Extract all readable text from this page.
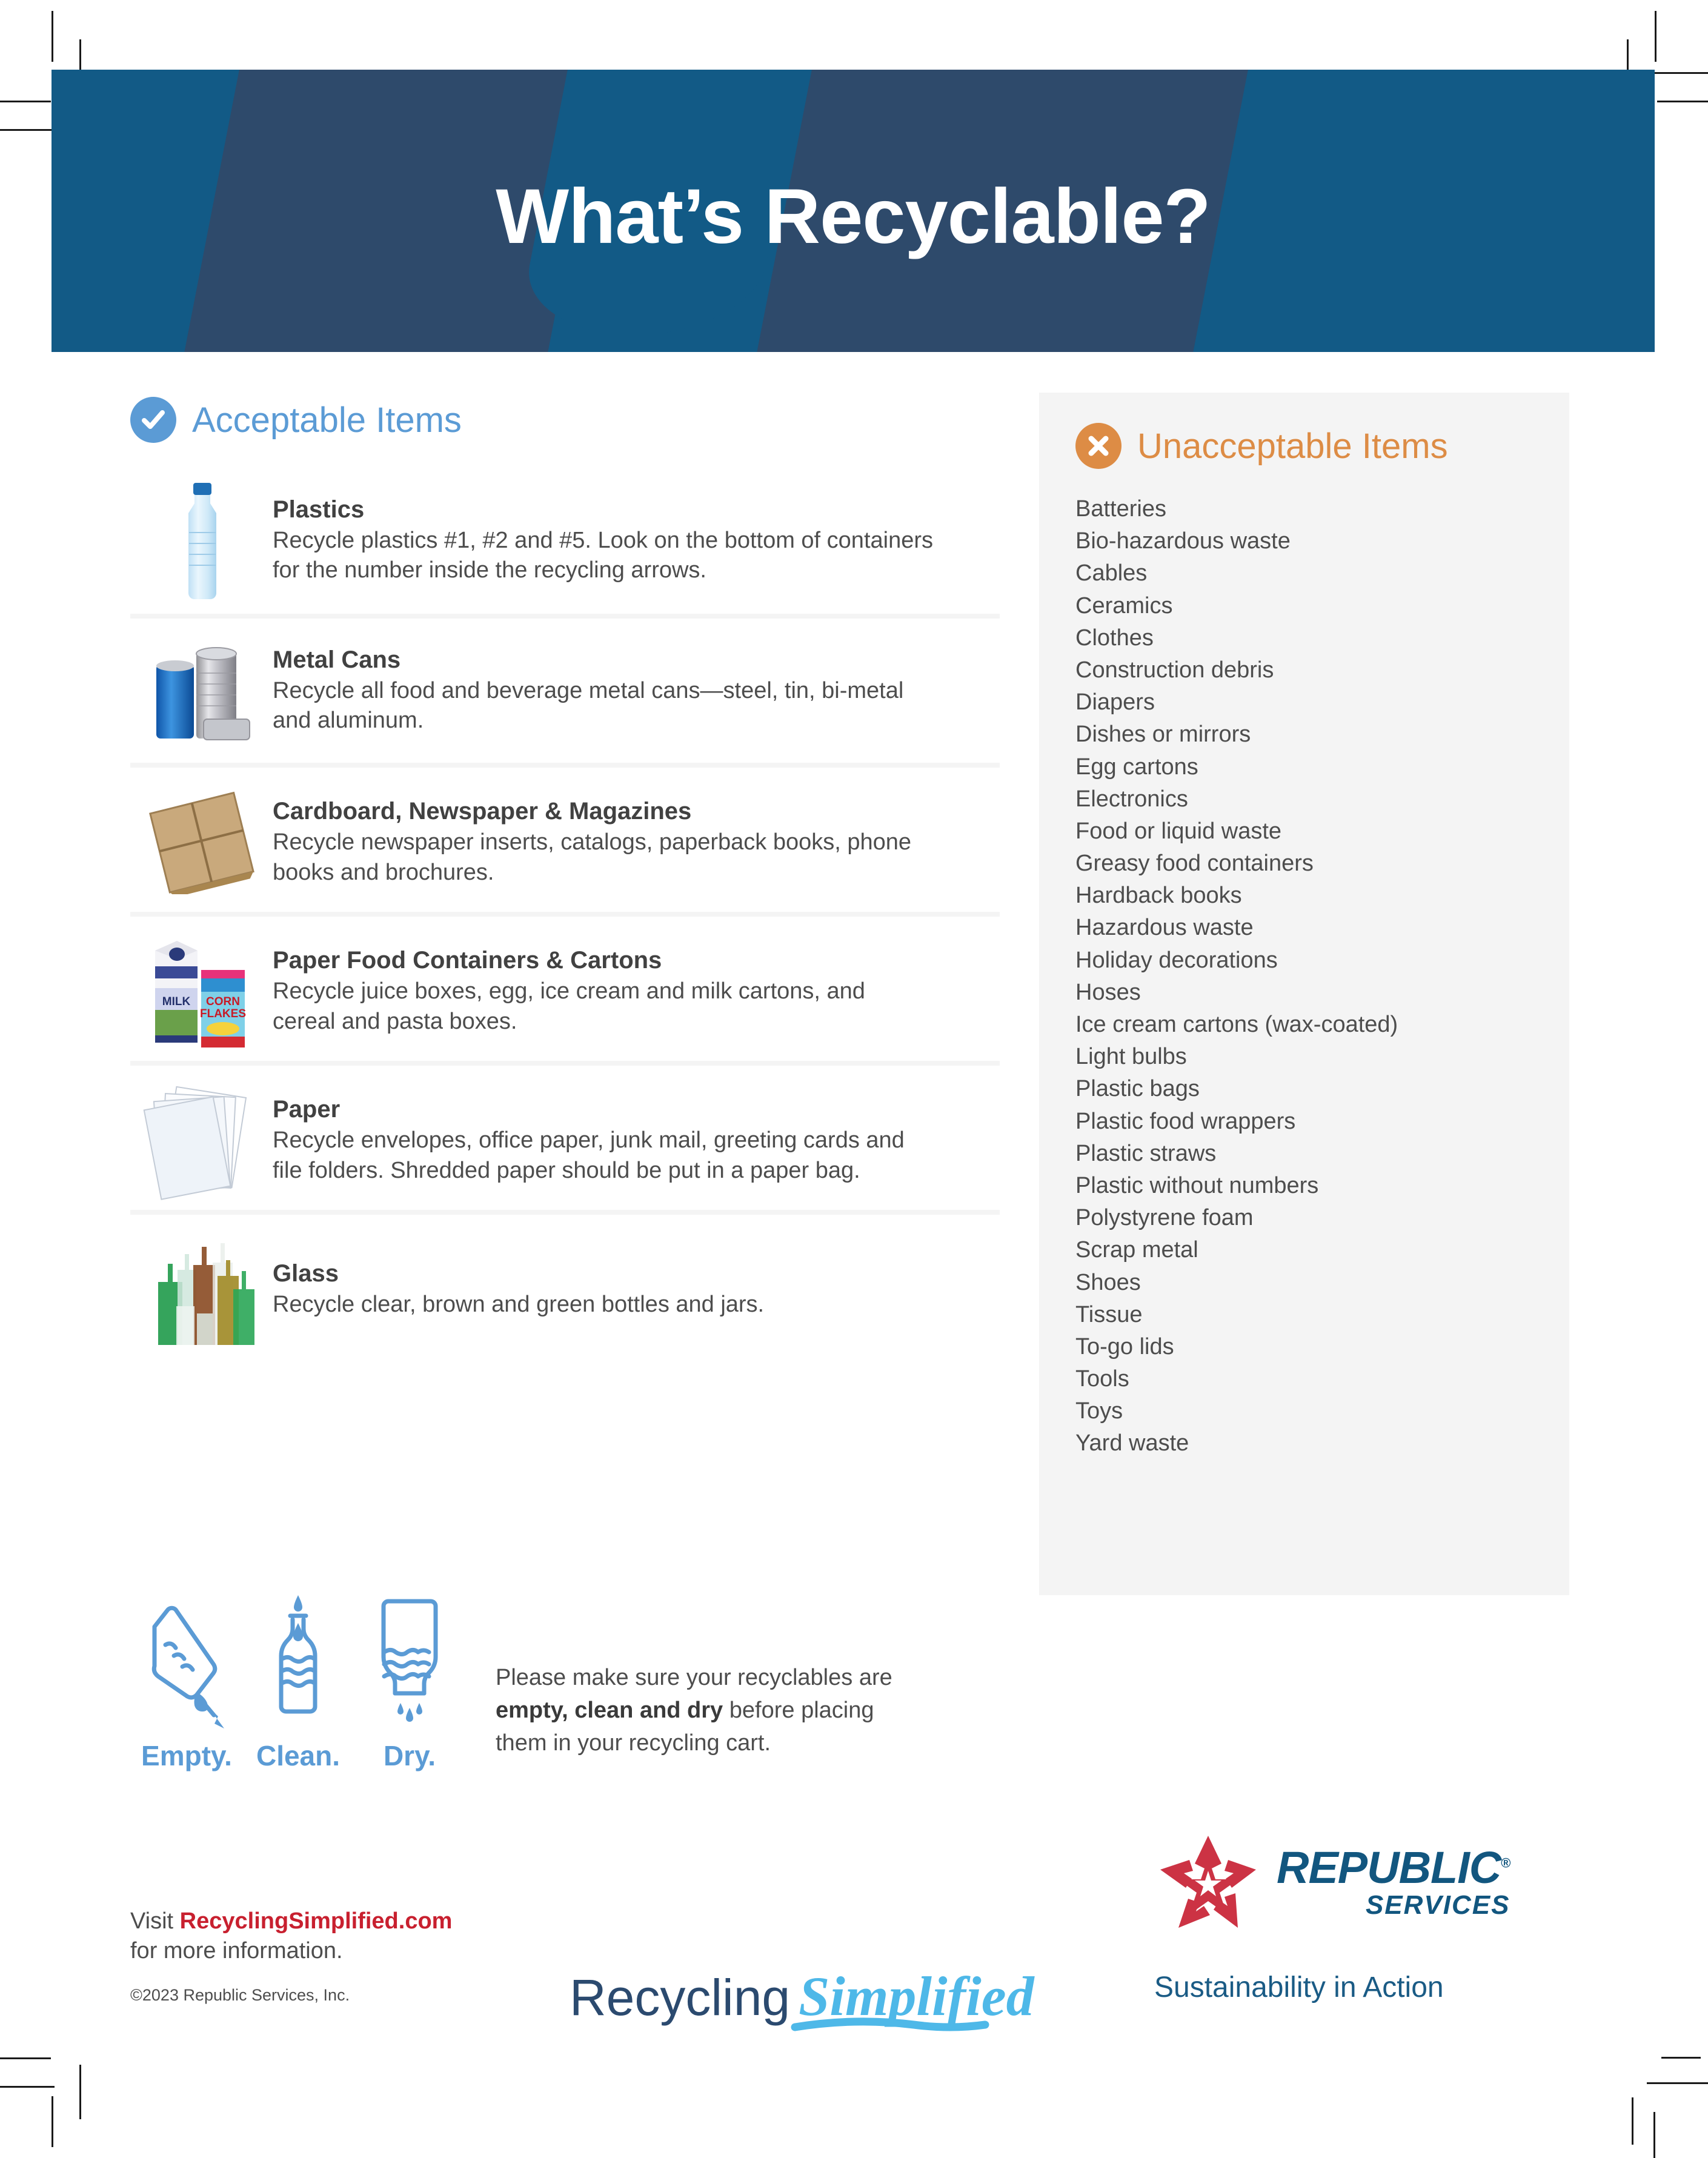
What’s Recyclable?
Acceptable Items
Plastics

Recycle plastics #1, #2 and #5. Look on the bottom of containers for the number inside the recycling arrows.

Metal Cans

Recycle all food and beverage metal cans—steel, tin, bi-metal and aluminum.

Cardboard, Newspaper & Magazines

Recycle newspaper inserts, catalogs, paperback books, phone books and brochures.

MILK CORN
FLAKES
Paper Food Containers & Cartons

Recycle juice boxes, egg, ice cream and milk cartons, and cereal and pasta boxes.

Paper

Recycle envelopes, office paper, junk mail, greeting cards and file folders. Shredded paper should be put in a paper bag.

Glass

Recycle clear, brown and green bottles and jars.

Unacceptable Items
Batteries
Bio-hazardous waste
Cables
Ceramics
Clothes
Construction debris
Diapers
Dishes or mirrors
Egg cartons
Electronics
Food or liquid waste
Greasy food containers
Hardback books
Hazardous waste
Holiday decorations
Hoses
Ice cream cartons (wax-coated)
Light bulbs
Plastic bags
Plastic food wrappers
Plastic straws
Plastic without numbers
Polystyrene foam
Scrap metal
Shoes
Tissue
To-go lids
Tools
Toys
Yard waste
Empty. Clean.	Dry.
Please make sure your recyclables are empty, clean and dry before placing them in your recycling cart.
Visit RecyclingSimplified.com
for more information.
©2023 Republic Services, Inc.	Recycling Simplified
REPUBLIC®
SERVICES
Sustainability in Action
